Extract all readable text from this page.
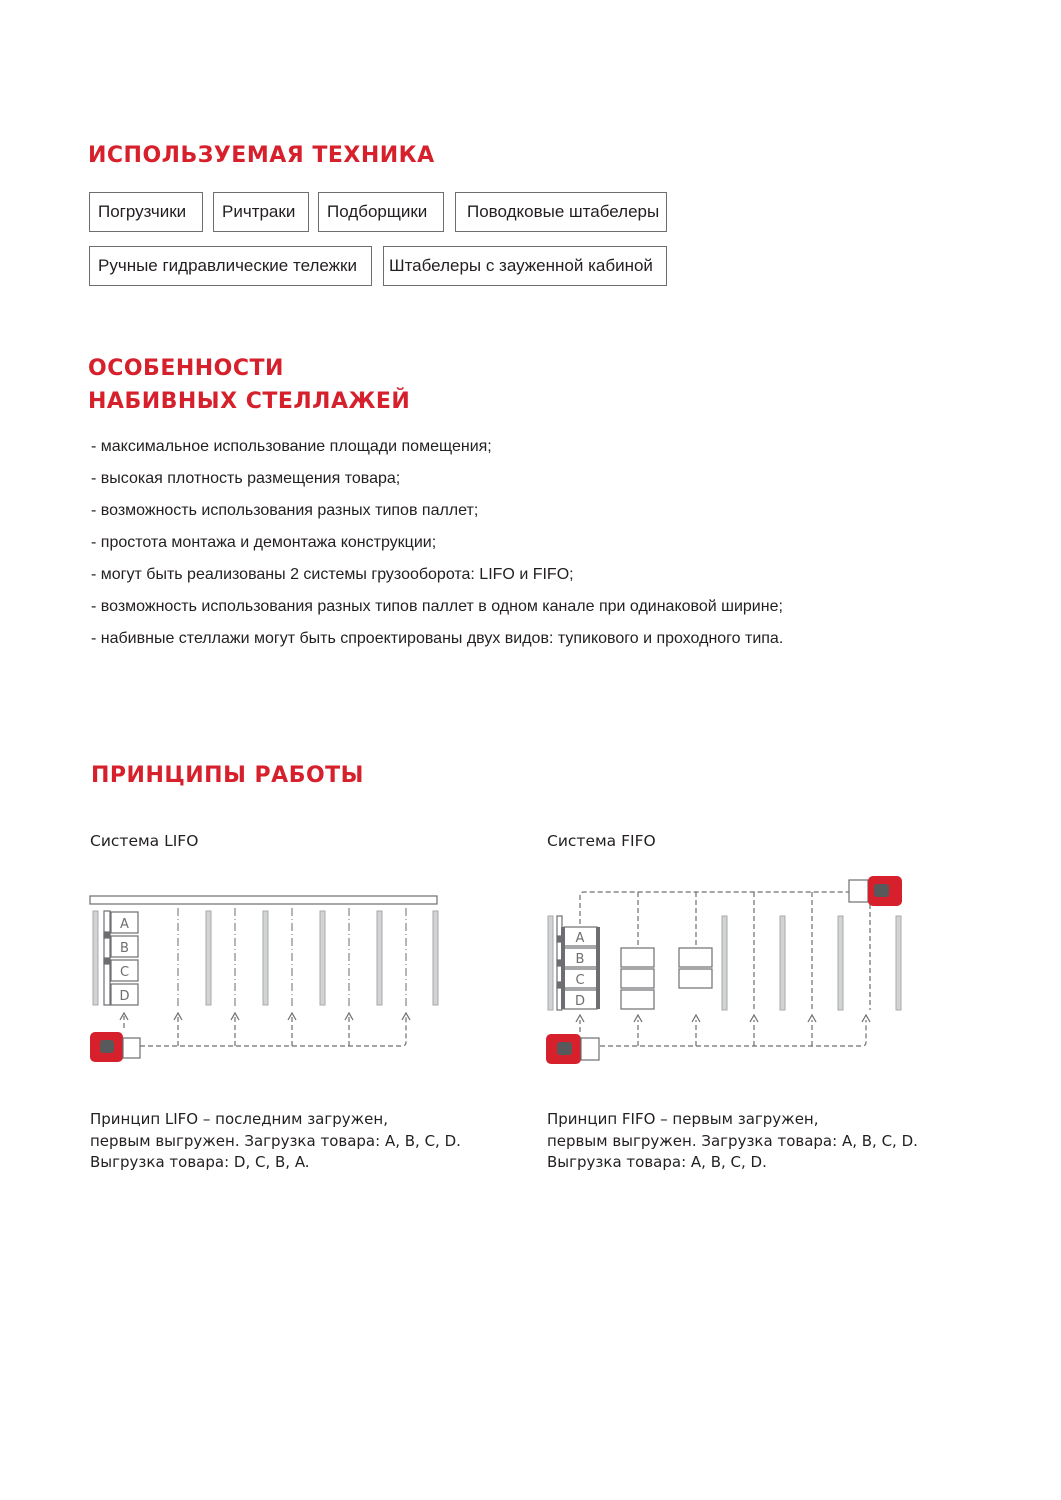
ИСПОЛЬЗУЕМАЯ ТЕХНИКА
Погрузчики	Ричтраки	Подборщики	Поводковые штабелеры
Ручные гидравлические тележки	Штабелеры с зауженной кабиной
ОСОБЕННОСТИ
НАБИВНЫХ СТЕЛЛАЖЕЙ
- максимальное использование площади помещения;
- высокая плотность размещения товара;
- возможность использования разных типов паллет;
- простота монтажа и демонтажа конструкции;
- могут быть реализованы 2 системы грузооборота: LIFO и FIFO;
- возможность использования разных типов паллет в одном канале при одинаковой ширине;
- набивные стеллажи могут быть спроектированы двух видов: тупикового и проходного типа.
ПРИНЦИПЫ РАБОТЫ
Система LIFO	Система FIFO
A
B
C
D
A
B
C
D
Принцип LIFO – последним загружен,
первым выгружен. Загрузка товара: A, B, C, D.
Выгрузка товара: D, C, B, A.
Принцип FIFO – первым загружен,
первым выгружен. Загрузка товара: A, B, C, D.
Выгрузка товара: A, B, C, D.
